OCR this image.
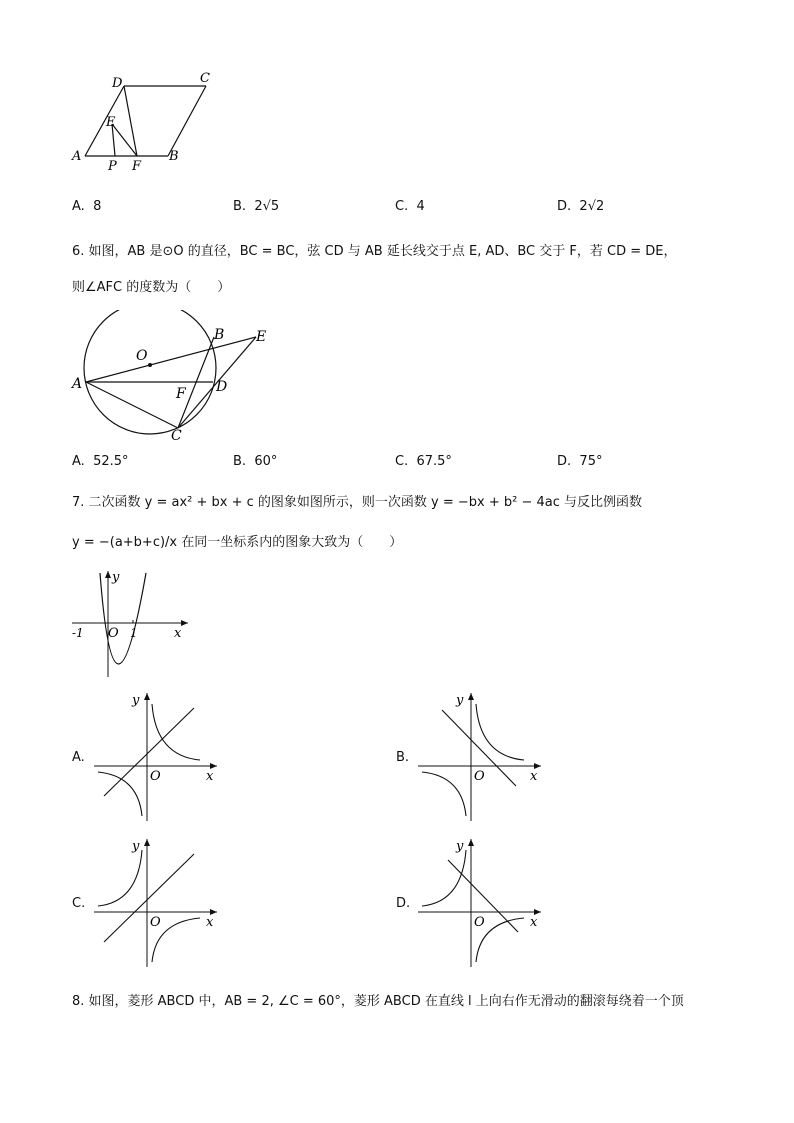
D	C
E
A
P F
B
A. 8	B. 2√5	C. 4	D. 2√2
6. 如图，AB 是⊙O 的直径，BC = BC，弦 CD 与 AB 延长线交于点 E, AD、BC 交于 F，若 CD = DE，
则∠AFC 的度数为（　　）
O
B E
A
F D
C
A. 52.5°	B. 60°	C. 67.5°	D. 75°
7. 二次函数 y = ax² + bx + c 的图象如图所示，则一次函数 y = −bx + b² − 4ac 与反比例函数
y = −(a+b+c)/x 在同一坐标系内的图象大致为（　　）
y
x
O
-1	1
A.
y
x
O
B.
y
x
O
C.
y
x
O
D.
y
x
O
8. 如图，菱形 ABCD 中，AB = 2, ∠C = 60°，菱形 ABCD 在直线 l 上向右作无滑动的翻滚每绕着一个顶
